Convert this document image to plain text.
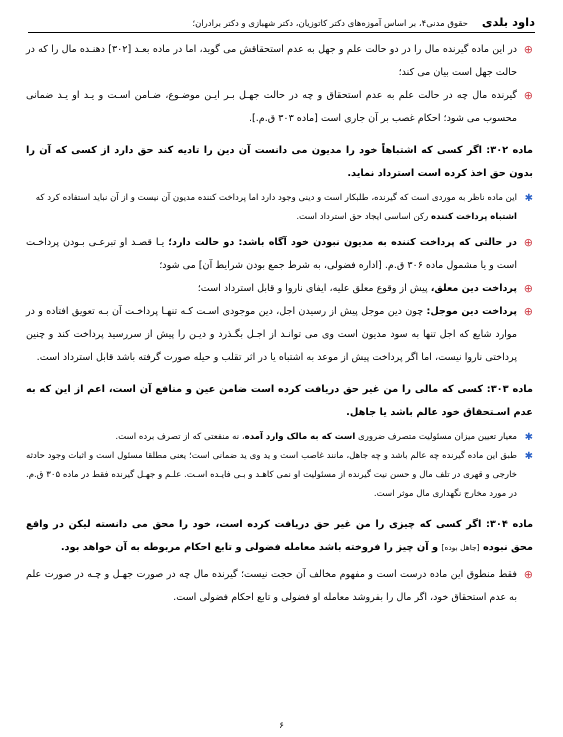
داود بلدی
حقوق مدنی۴، بر اساس آموزه‌های دکتر کاتوزیان، دکتر شهبازی و دکتر برادران؛
⊕
در این ماده گیرنده مال را در دو حالت علم و جهل به عدم استحقاقش می گوید، اما در ماده بعـد [۳۰۲] دهنـده مال را که در حالت جهل است بیان می کند؛
⊕
گیرنده مال چه در حالت علم به عدم استحقاق و چه در حالت جهـل بـر ایـن موضـوع، ضـامن اسـت و یـد او یـد ضمانی محسوب می شود؛ احکام غصب بر آن جاری است [ماده ۳۰۳ ق.م.].
ماده ۳۰۲: اگر کسی که اشتباهاً خود را مدیون می دانست آن دین را تادیه کند حق دارد از کسی که آن را بدون حق اخذ کرده است استرداد نماید.
✱
این ماده ناظر به موردی است که گیرنده، طلبکار است و دینی وجود دارد اما پرداخت کننده مدیون آن نیست و از آن نباید استفاده کرد که
اشتباه پرداخت کننده رکن اساسی ایجاد حق استرداد است.
⊕
در حالتی که پرداخت کننده به مدیون نبودن خود آگاه باشد: دو حالت دارد؛ یـا قصـد او تبرعـی بـودن پرداخـت است و یا مشمول ماده ۳۰۶ ق.م. [اداره فضولی، به شرط جمع بودن شرایط آن] می شود؛
⊕
پرداخت دین معلق، پیش از وقوع معلق علیه، ایفای ناروا و قابل استرداد است؛
⊕
پرداخت دین موجل: چون دین موجل پیش از رسیدن اجل، دین موجودی اسـت کـه تنهـا پرداخـت آن بـه تعویق افتاده و در موارد شایع که اجل تنها به سود مدیون است وی می توانـد از اجـل بگـذرد و دیـن را پیش از سررسید پرداخت کند و چنین پرداختی ناروا نیست، اما اگر پرداخت پیش از موعد به اشتباه یا در اثر تقلب و حیله صورت گرفته باشد قابل استرداد است.
ماده ۳۰۳: کسی که مالی را من غیر حق دریافت کرده است ضامن عین و منافع آن است، اعم از این که به عدم اسـتحقاق خود عالم باشد یا جاهل.
✱
معیار تعیین میزان مسئولیت متصرف ضروری است که به مالک وارد آمده، نه منفعتی که از تصرف برده است.
✱
طبق این ماده گیرنده چه عالم باشد و چه جاهل، مانند غاصب است و ید وی ید ضمانی است؛ یعنی مطلقا مسئول است و اثبات وجود حادثه خارجی و قهری در تلف مال و حسن نیت گیرنده از مسئولیت او نمی کاهـد و بـی فایـده اسـت. علـم و جهـل گیرنده فقط در ماده ۳۰۵ ق.م. در مورد مخارج نگهداری مال موثر است.
ماده ۳۰۴: اگر کسی که چیزی را من غیر حق دریافت کرده است، خود را محق می دانسته لیکن در واقع محق نبوده [جاهل بوده] و آن چیز را فروخته باشد معامله فضولی و تابع احکام مربوطه به آن خواهد بود.
⊕
فقط منطوق این ماده درست است و مفهوم مخالف آن حجت نیست؛ گیرنده مال چه در صورت جهـل و چـه در صورت علم به عدم استحقاق خود، اگر مال را بفروشد معامله او فضولی و تابع احکام فضولی است.
۶
